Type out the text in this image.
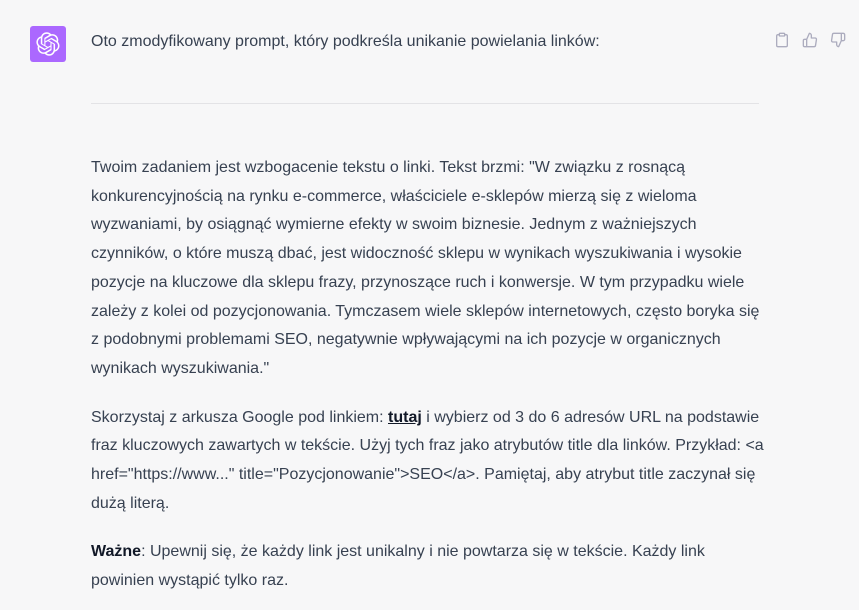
Oto zmodyfikowany prompt, który podkreśla unikanie powielania linków:

Twoim zadaniem jest wzbogacenie tekstu o linki. Tekst brzmi: "W związku z rosnącą konkurencyjnością na rynku e-commerce, właściciele e-sklepów mierzą się z wieloma wyzwaniami, by osiągnąć wymierne efekty w swoim biznesie. Jednym z ważniejszych czynników, o które muszą dbać, jest widoczność sklepu w wynikach wyszukiwania i wysokie pozycje na kluczowe dla sklepu frazy, przynoszące ruch i konwersje. W tym przypadku wiele zależy z kolei od pozycjonowania. Tymczasem wiele sklepów internetowych, często boryka się z podobnymi problemami SEO, negatywnie wpływającymi na ich pozycje w organicznych wynikach wyszukiwania."

Skorzystaj z arkusza Google pod linkiem: tutaj i wybierz od 3 do 6 adresów URL na podstawie fraz kluczowych zawartych w tekście. Użyj tych fraz jako atrybutów title dla linków. Przykład: <a href="https://www..." title="Pozycjonowanie">SEO</a>. Pamiętaj, aby atrybut title zaczynał się dużą literą.

Ważne: Upewnij się, że każdy link jest unikalny i nie powtarza się w tekście. Każdy link powinien wystąpić tylko raz.
